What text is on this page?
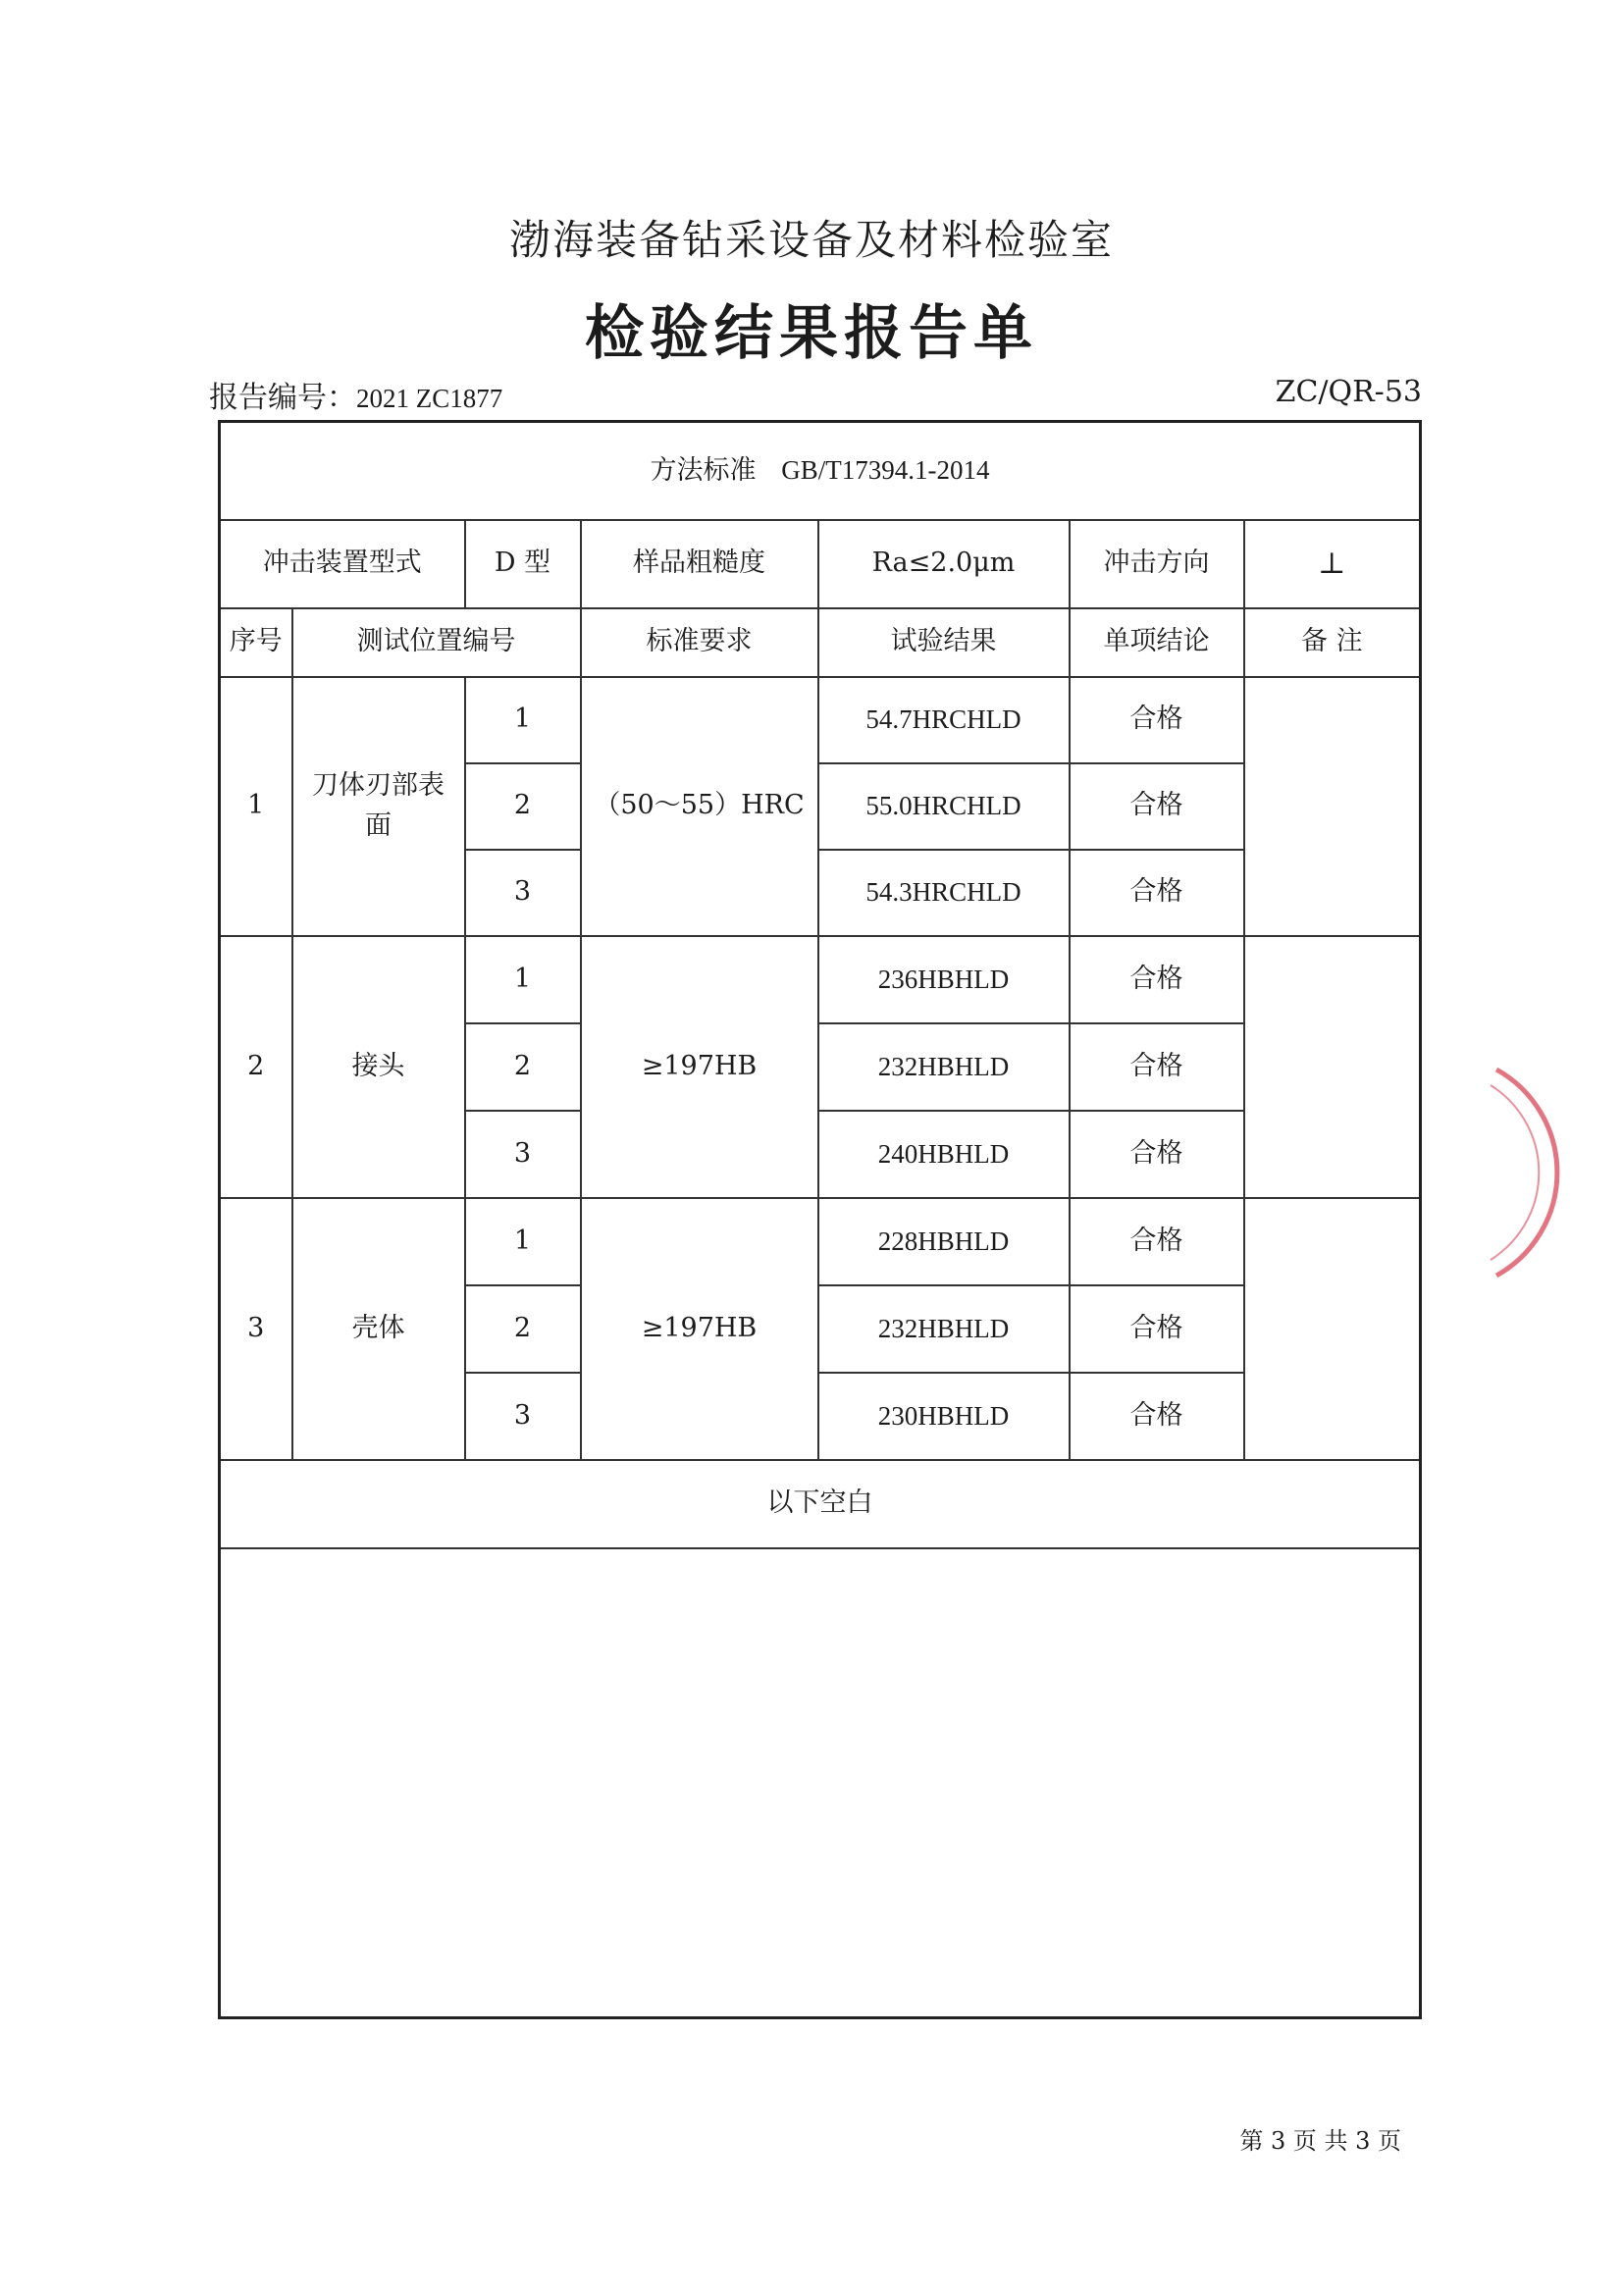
渤海装备钻采设备及材料检验室
检验结果报告单
报告编号：2021 ZC1877	ZC/QR-53
方法标准 GB/T17394.1-2014						
冲击装置型式		D 型	样品粗糙度	Ra≤2.0μm	冲击方向	⊥
序号	测试位置编号		标准要求	试验结果	单项结论	备 注
1	刀体刃部表面	1	（50～55）HRC	54.7HRCHLD	合格	
		2		55.0HRCHLD	合格	
		3		54.3HRCHLD	合格	
2	接头	1	≥197HB	236HBHLD	合格	
		2		232HBHLD	合格	
		3		240HBHLD	合格	
3	壳体	1	≥197HB	228HBHLD	合格	
		2		232HBHLD	合格	
		3		230HBHLD	合格	
以下空白						

第 3 页 共 3 页
